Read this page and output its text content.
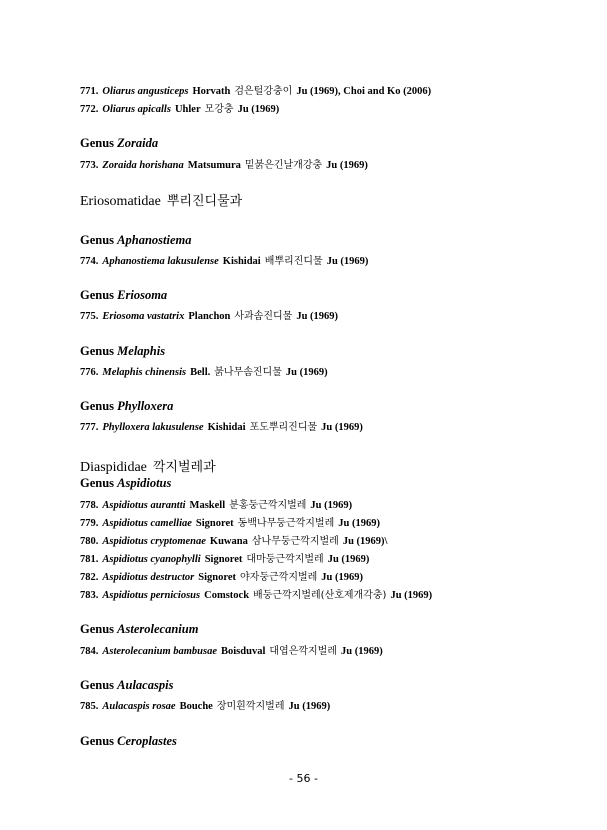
771. Oliarus angusticeps Horvath 검은털강충이 Ju (1969), Choi and Ko (2006)
772. Oliarus apicalls Uhler 모강충 Ju (1969)
Genus Zoraida
773. Zoraida horishana Matsumura 밑붉은긴날개강충 Ju (1969)
Eriosomatidae 뿌리진디물과
Genus Aphanostiema
774. Aphanostiema lakusulense Kishidai 배뿌리진디물 Ju (1969)
Genus Eriosoma
775. Eriosoma vastatrix Planchon 사과솜진디물 Ju (1969)
Genus Melaphis
776. Melaphis chinensis Bell. 붉나무솜진디물 Ju (1969)
Genus Phylloxera
777. Phylloxera lakusulense Kishidai 포도뿌리진디물 Ju (1969)
Diaspididae 깍지벌레과
Genus Aspidiotus
778. Aspidiotus aurantti Maskell 분홍둥근깍지벌레 Ju (1969)
779. Aspidiotus camelliae Signoret 동백나무둥근깍지벌레 Ju (1969)
780. Aspidiotus cryptomenae Kuwana 삼나무둥근깍지벌레 Ju (1969)\
781. Aspidiotus cyanophylli Signoret 대마둥근깍지벌레 Ju (1969)
782. Aspidiotus destructor Signoret 야자둥근깍지벌레 Ju (1969)
783. Aspidiotus perniciosus Comstock 배둥근깍지벌레(산호제개각충) Ju (1969)
Genus Asterolecanium
784. Asterolecanium bambusae Boisduval 대엽은깍지벌레 Ju (1969)
Genus Aulacaspis
785. Aulacaspis rosae Bouche 장미흰깍지벌레 Ju (1969)
Genus Ceroplastes
- 56 -
